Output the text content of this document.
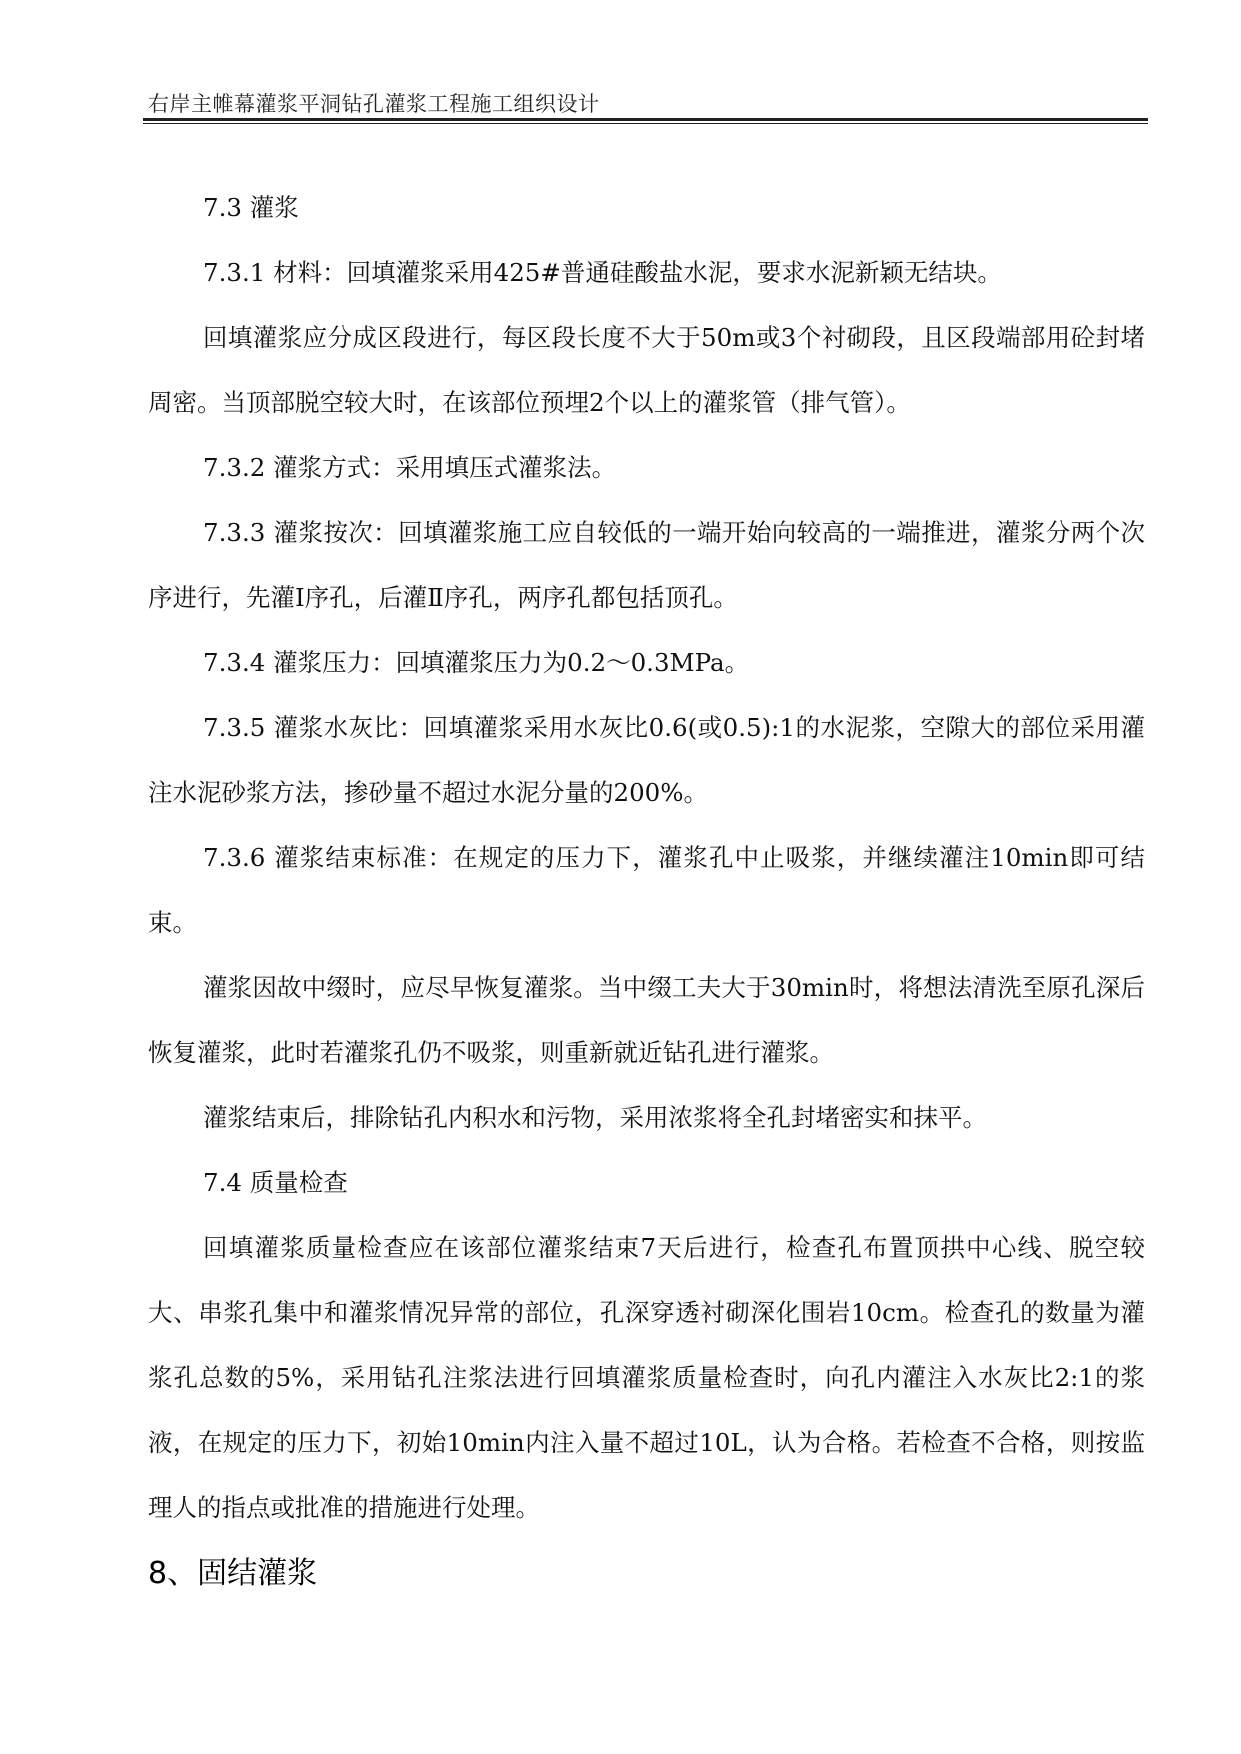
右岸主帷幕灌浆平洞钻孔灌浆工程施工组织设计

7.3 灌浆

7.3.1 材料：回填灌浆采用425#普通硅酸盐水泥，要求水泥新颖无结块。

回填灌浆应分成区段进行，每区段长度不大于50m或3个衬砌段，且区段端部用砼封堵周密。当顶部脱空较大时，在该部位预埋2个以上的灌浆管（排气管）。

7.3.2 灌浆方式：采用填压式灌浆法。

7.3.3 灌浆按次：回填灌浆施工应自较低的一端开始向较高的一端推进，灌浆分两个次序进行，先灌Ⅰ序孔，后灌Ⅱ序孔，两序孔都包括顶孔。

7.3.4 灌浆压力：回填灌浆压力为0.2～0.3MPa。

7.3.5 灌浆水灰比：回填灌浆采用水灰比0.6(或0.5):1的水泥浆，空隙大的部位采用灌注水泥砂浆方法，掺砂量不超过水泥分量的200%。

7.3.6 灌浆结束标准：在规定的压力下，灌浆孔中止吸浆，并继续灌注10min即可结束。

灌浆因故中缀时，应尽早恢复灌浆。当中缀工夫大于30min时，将想法清洗至原孔深后恢复灌浆，此时若灌浆孔仍不吸浆，则重新就近钻孔进行灌浆。

灌浆结束后，排除钻孔内积水和污物，采用浓浆将全孔封堵密实和抹平。

7.4 质量检查

回填灌浆质量检查应在该部位灌浆结束7天后进行，检查孔布置顶拱中心线、脱空较大、串浆孔集中和灌浆情况异常的部位，孔深穿透衬砌深化围岩10cm。检查孔的数量为灌浆孔总数的5%，采用钻孔注浆法进行回填灌浆质量检查时，向孔内灌注入水灰比2:1的浆液，在规定的压力下，初始10min内注入量不超过10L，认为合格。若检查不合格，则按监理人的指点或批准的措施进行处理。

8、固结灌浆
